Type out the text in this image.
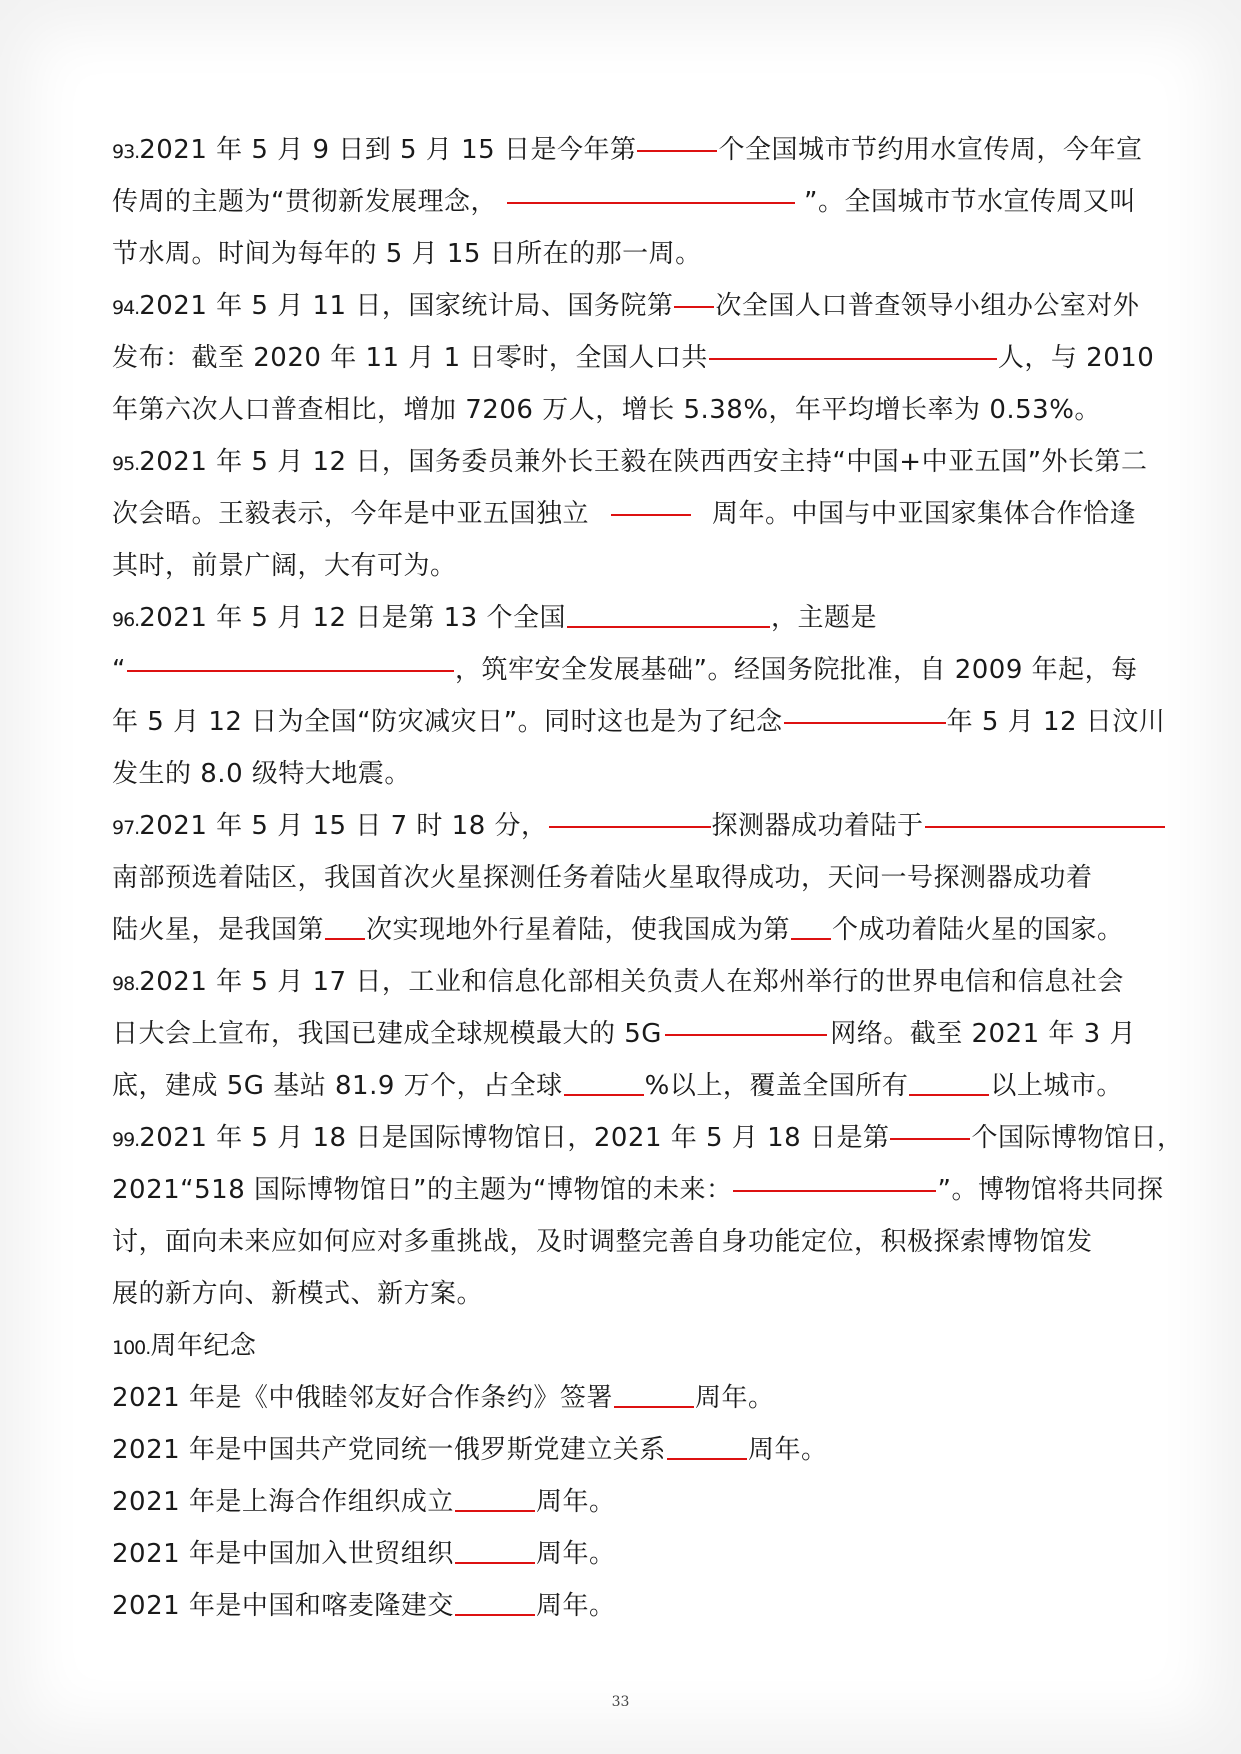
93.2021 年 5 月 9 日到 5 月 15 日是今年第	个全国城市节约用水宣传周，今年宣
传周的主题为“贯彻新发展理念，	”。全国城市节水宣传周又叫
节水周。时间为每年的 5 月 15 日所在的那一周。
94.2021 年 5 月 11 日，国家统计局、国务院第 次全国人口普查领导小组办公室对外
发布：截至 2020 年 11 月 1 日零时，全国人口共	人，与 2010
年第六次人口普查相比，增加 7206 万人，增长 5.38%，年平均增长率为 0.53%。
95.2021 年 5 月 12 日，国务委员兼外长王毅在陕西西安主持“中国+中亚五国”外长第二
次会晤。王毅表示，今年是中亚五国独立	周年。中国与中亚国家集体合作恰逢
其时，前景广阔，大有可为。
96.2021 年 5 月 12 日是第 13 个全国	，主题是
“	，筑牢安全发展基础”。经国务院批准，自 2009 年起，每
年 5 月 12 日为全国“防灾减灾日”。同时这也是为了纪念	年 5 月 12 日汶川
发生的 8.0 级特大地震。
97.2021 年 5 月 15 日 7 时 18 分，	探测器成功着陆于
南部预选着陆区，我国首次火星探测任务着陆火星取得成功，天问一号探测器成功着
陆火星，是我国第 次实现地外行星着陆，使我国成为第 个成功着陆火星的国家。
98.2021 年 5 月 17 日，工业和信息化部相关负责人在郑州举行的世界电信和信息社会
日大会上宣布，我国已建成全球规模最大的 5G	网络。截至 2021 年 3 月
底，建成 5G 基站 81.9 万个，占全球	%以上，覆盖全国所有	以上城市。
99.2021 年 5 月 18 日是国际博物馆日，2021 年 5 月 18 日是第	个国际博物馆日，
2021“518 国际博物馆日”的主题为“博物馆的未来：	”。博物馆将共同探
讨，面向未来应如何应对多重挑战，及时调整完善自身功能定位，积极探索博物馆发
展的新方向、新模式、新方案。
100.周年纪念
2021 年是《中俄睦邻友好合作条约》签署	周年。
2021 年是中国共产党同统一俄罗斯党建立关系	周年。
2021 年是上海合作组织成立	周年。
2021 年是中国加入世贸组织	周年。
2021 年是中国和喀麦隆建交	周年。
33
